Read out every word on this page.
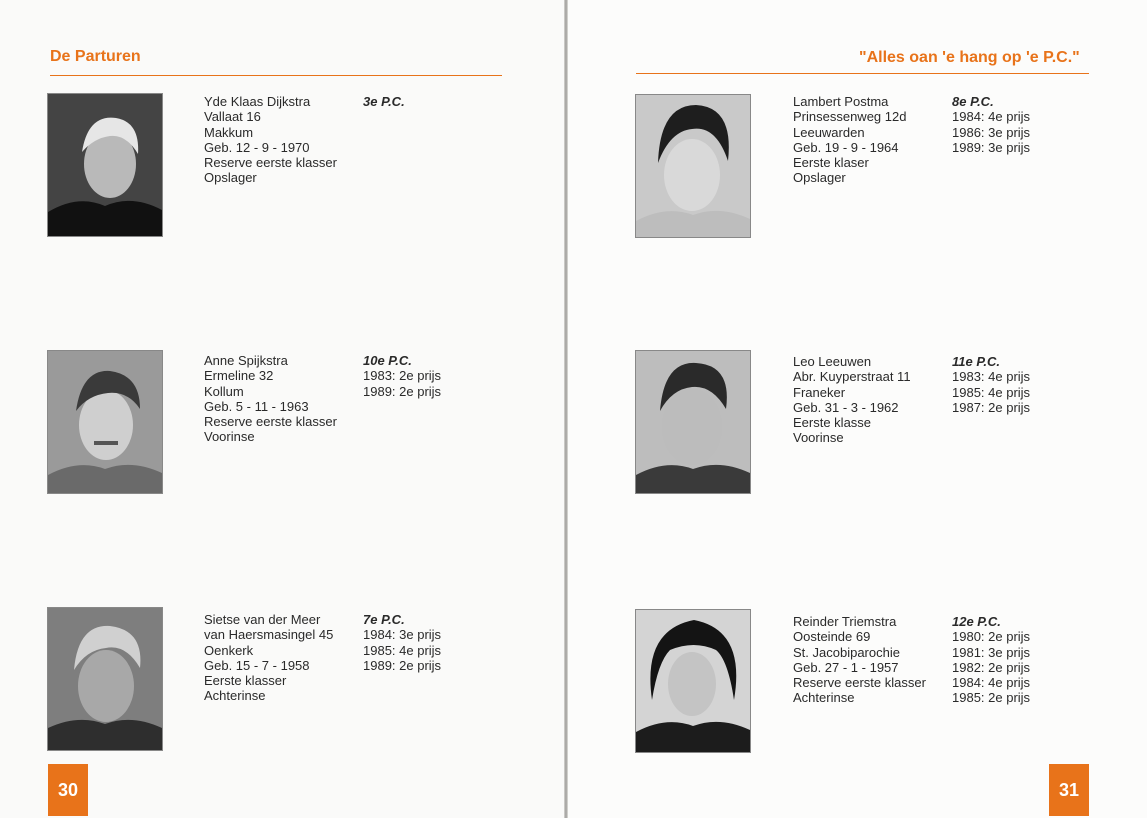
De Parturen
Yde Klaas Dijkstra
Vallaat 16
Makkum
Geb. 12 - 9 - 1970
Reserve eerste klasser
Opslager
3e P.C.
Anne Spijkstra
Ermeline 32
Kollum
Geb. 5 - 11 - 1963
Reserve eerste klasser
Voorinse
10e P.C.
1983: 2e prijs
1989: 2e prijs
Sietse van der Meer
van Haersmasingel 45
Oenkerk
Geb. 15 - 7 - 1958
Eerste klasser
Achterinse
7e P.C.
1984: 3e prijs
1985: 4e prijs
1989: 2e prijs
30
"Alles oan 'e hang op 'e P.C."
Lambert Postma
Prinsessenweg 12d
Leeuwarden
Geb. 19 - 9 - 1964
Eerste klaser
Opslager
8e P.C.
1984: 4e prijs
1986: 3e prijs
1989: 3e prijs
Leo Leeuwen
Abr. Kuyperstraat 11
Franeker
Geb. 31 - 3 - 1962
Eerste klasse
Voorinse
11e P.C.
1983: 4e prijs
1985: 4e prijs
1987: 2e prijs
Reinder Triemstra
Oosteinde 69
St. Jacobiparochie
Geb. 27 - 1 - 1957
Reserve eerste klasser
Achterinse
12e P.C.
1980: 2e prijs
1981: 3e prijs
1982: 2e prijs
1984: 4e prijs
1985: 2e prijs
31
